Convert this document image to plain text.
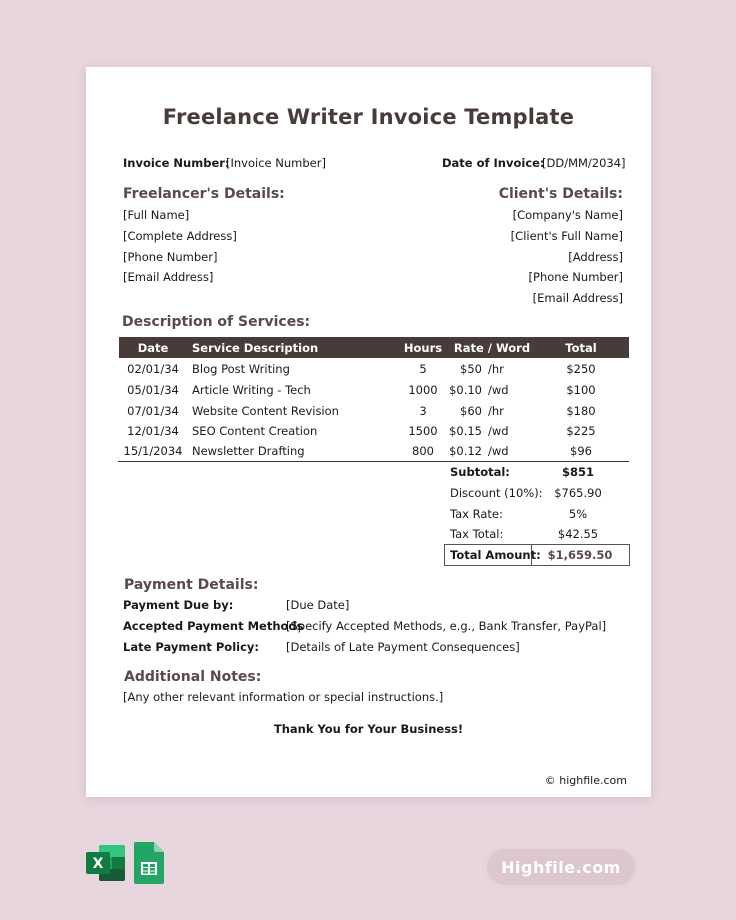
Freelance Writer Invoice Template
Invoice Number:
[Invoice Number]	Date of Invoice:
[DD/MM/2034]
Freelancer's Details:
[Full Name]
[Complete Address]
[Phone Number]
[Email Address]
Client's Details:
[Company's Name]
[Client's Full Name]
[Address]
[Phone Number]
[Email Address]
Description of Services:
Date	Service Description	Hours	Rate / Word	Total
02/01/34	Blog Post Writing	5	$50 /hr	$250
05/01/34	Article Writing - Tech	1000 $0.10 /wd	$100
07/01/34	Website Content Revision	3	$60 /hr	$180
12/01/34	SEO Content Creation	1500 $0.15 /wd	$225
15/1/2034 Newsletter Drafting	800	$0.12 /wd	$96
Subtotal:	$851
Discount (10%):	$765.90
Tax Rate:	5%
Tax Total:	$42.55
Total Amount: $1,659.50
Payment Details:
Payment Due by:	[Due Date]
Accepted Payment Methods
[Specify Accepted Methods, e.g., Bank Transfer, PayPal]
Late Payment Policy: [Details of Late Payment Consequences]
Additional Notes:
[Any other relevant information or special instructions.]
Thank You for Your Business!
© highfile.com
X	Highfile.com
